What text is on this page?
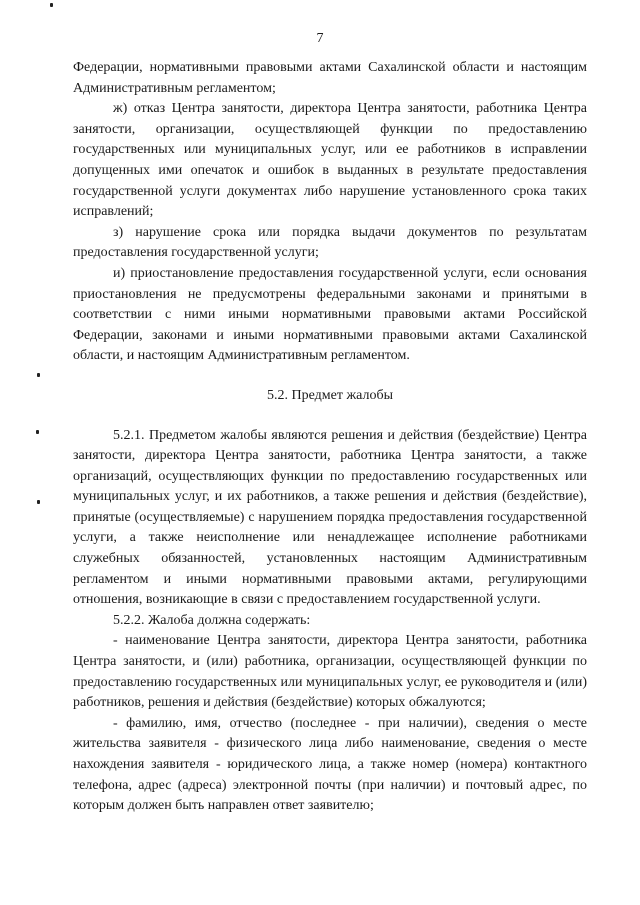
7

Федерации, нормативными правовыми актами Сахалинской области и настоящим Административным регламентом;

ж) отказ Центра занятости, директора Центра занятости, работника Центра занятости, организации, осуществляющей функции по предоставлению государственных или муниципальных услуг, или ее работников в исправлении допущенных ими опечаток и ошибок в выданных в результате предоставления государственной услуги документах либо нарушение установленного срока таких исправлений;

з) нарушение срока или порядка выдачи документов по результатам предоставления государственной услуги;

и) приостановление предоставления государственной услуги, если основания приостановления не предусмотрены федеральными законами и принятыми в соответствии с ними иными нормативными правовыми актами Российской Федерации, законами и иными нормативными правовыми актами Сахалинской области, и настоящим Административным регламентом.

5.2. Предмет жалобы

5.2.1. Предметом жалобы являются решения и действия (бездействие) Центра занятости, директора Центра занятости, работника Центра занятости, а также организаций, осуществляющих функции по предоставлению государственных или муниципальных услуг, и их работников, а также решения и действия (бездействие), принятые (осуществляемые) с нарушением порядка предоставления государственной услуги, а также неисполнение или ненадлежащее исполнение работниками служебных обязанностей, установленных настоящим Административным регламентом и иными нормативными правовыми актами, регулирующими отношения, возникающие в связи с предоставлением государственной услуги.

5.2.2. Жалоба должна содержать:

- наименование Центра занятости, директора Центра занятости, работника Центра занятости, и (или) работника, организации, осуществляющей функции по предоставлению государственных или муниципальных услуг, ее руководителя и (или) работников, решения и действия (бездействие) которых обжалуются;

- фамилию, имя, отчество (последнее - при наличии), сведения о месте жительства заявителя - физического лица либо наименование, сведения о месте нахождения заявителя - юридического лица, а также номер (номера) контактного телефона, адрес (адреса) электронной почты (при наличии) и почтовый адрес, по которым должен быть направлен ответ заявителю;
